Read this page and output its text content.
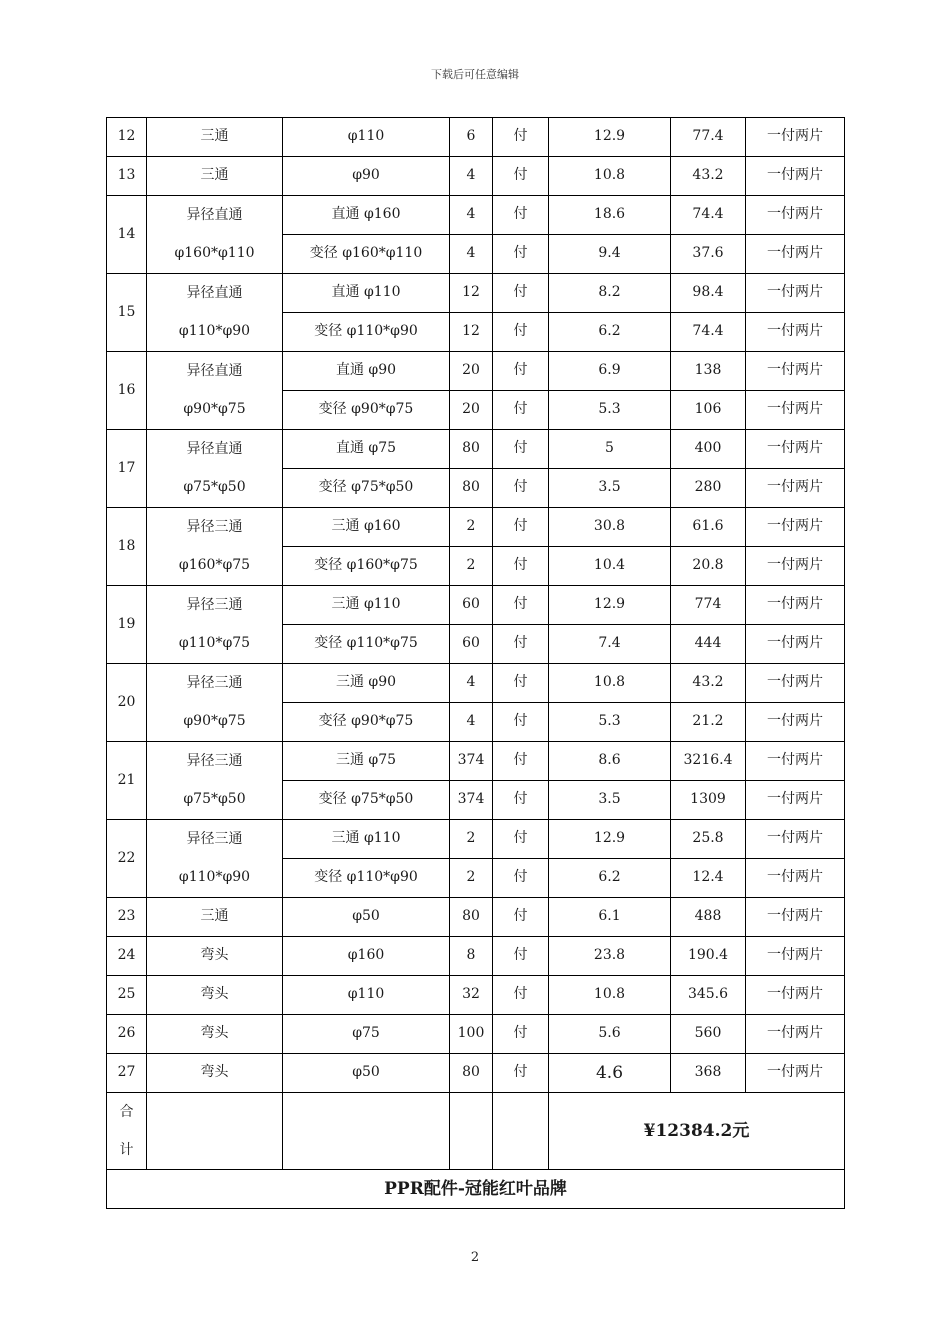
下载后可任意编辑
12	三通	φ110	6	付	12.9	77.4	一付两片
13	三通	φ90	4	付	10.8	43.2	一付两片
14	异径直通	直通 φ160	4	付	18.6	74.4	一付两片
	φ160*φ110	变径 φ160*φ110	4	付	9.4	37.6	一付两片
15	异径直通	直通 φ110	12	付	8.2	98.4	一付两片
	φ110*φ90	变径 φ110*φ90	12	付	6.2	74.4	一付两片
16	异径直通	直通 φ90	20	付	6.9	138	一付两片
	φ90*φ75	变径 φ90*φ75	20	付	5.3	106	一付两片
17	异径直通	直通 φ75	80	付	5	400	一付两片
	φ75*φ50	变径 φ75*φ50	80	付	3.5	280	一付两片
18	异径三通	三通 φ160	2	付	30.8	61.6	一付两片
	φ160*φ75	变径 φ160*φ75	2	付	10.4	20.8	一付两片
19	异径三通	三通 φ110	60	付	12.9	774	一付两片
	φ110*φ75	变径 φ110*φ75	60	付	7.4	444	一付两片
20	异径三通	三通 φ90	4	付	10.8	43.2	一付两片
	φ90*φ75	变径 φ90*φ75	4	付	5.3	21.2	一付两片
21	异径三通	三通 φ75	374	付	8.6	3216.4	一付两片
	φ75*φ50	变径 φ75*φ50	374	付	3.5	1309	一付两片
22	异径三通	三通 φ110	2	付	12.9	25.8	一付两片
	φ110*φ90	变径 φ110*φ90	2	付	6.2	12.4	一付两片
23	三通	φ50	80	付	6.1	488	一付两片
24	弯头	φ160	8	付	23.8	190.4	一付两片
25	弯头	φ110	32	付	10.8	345.6	一付两片
26	弯头	φ75	100	付	5.6	560	一付两片
27	弯头	φ50	80	付	4.6	368	一付两片

合
计					¥12384.2元		

PPR配件-冠能红叶品牌							
2
